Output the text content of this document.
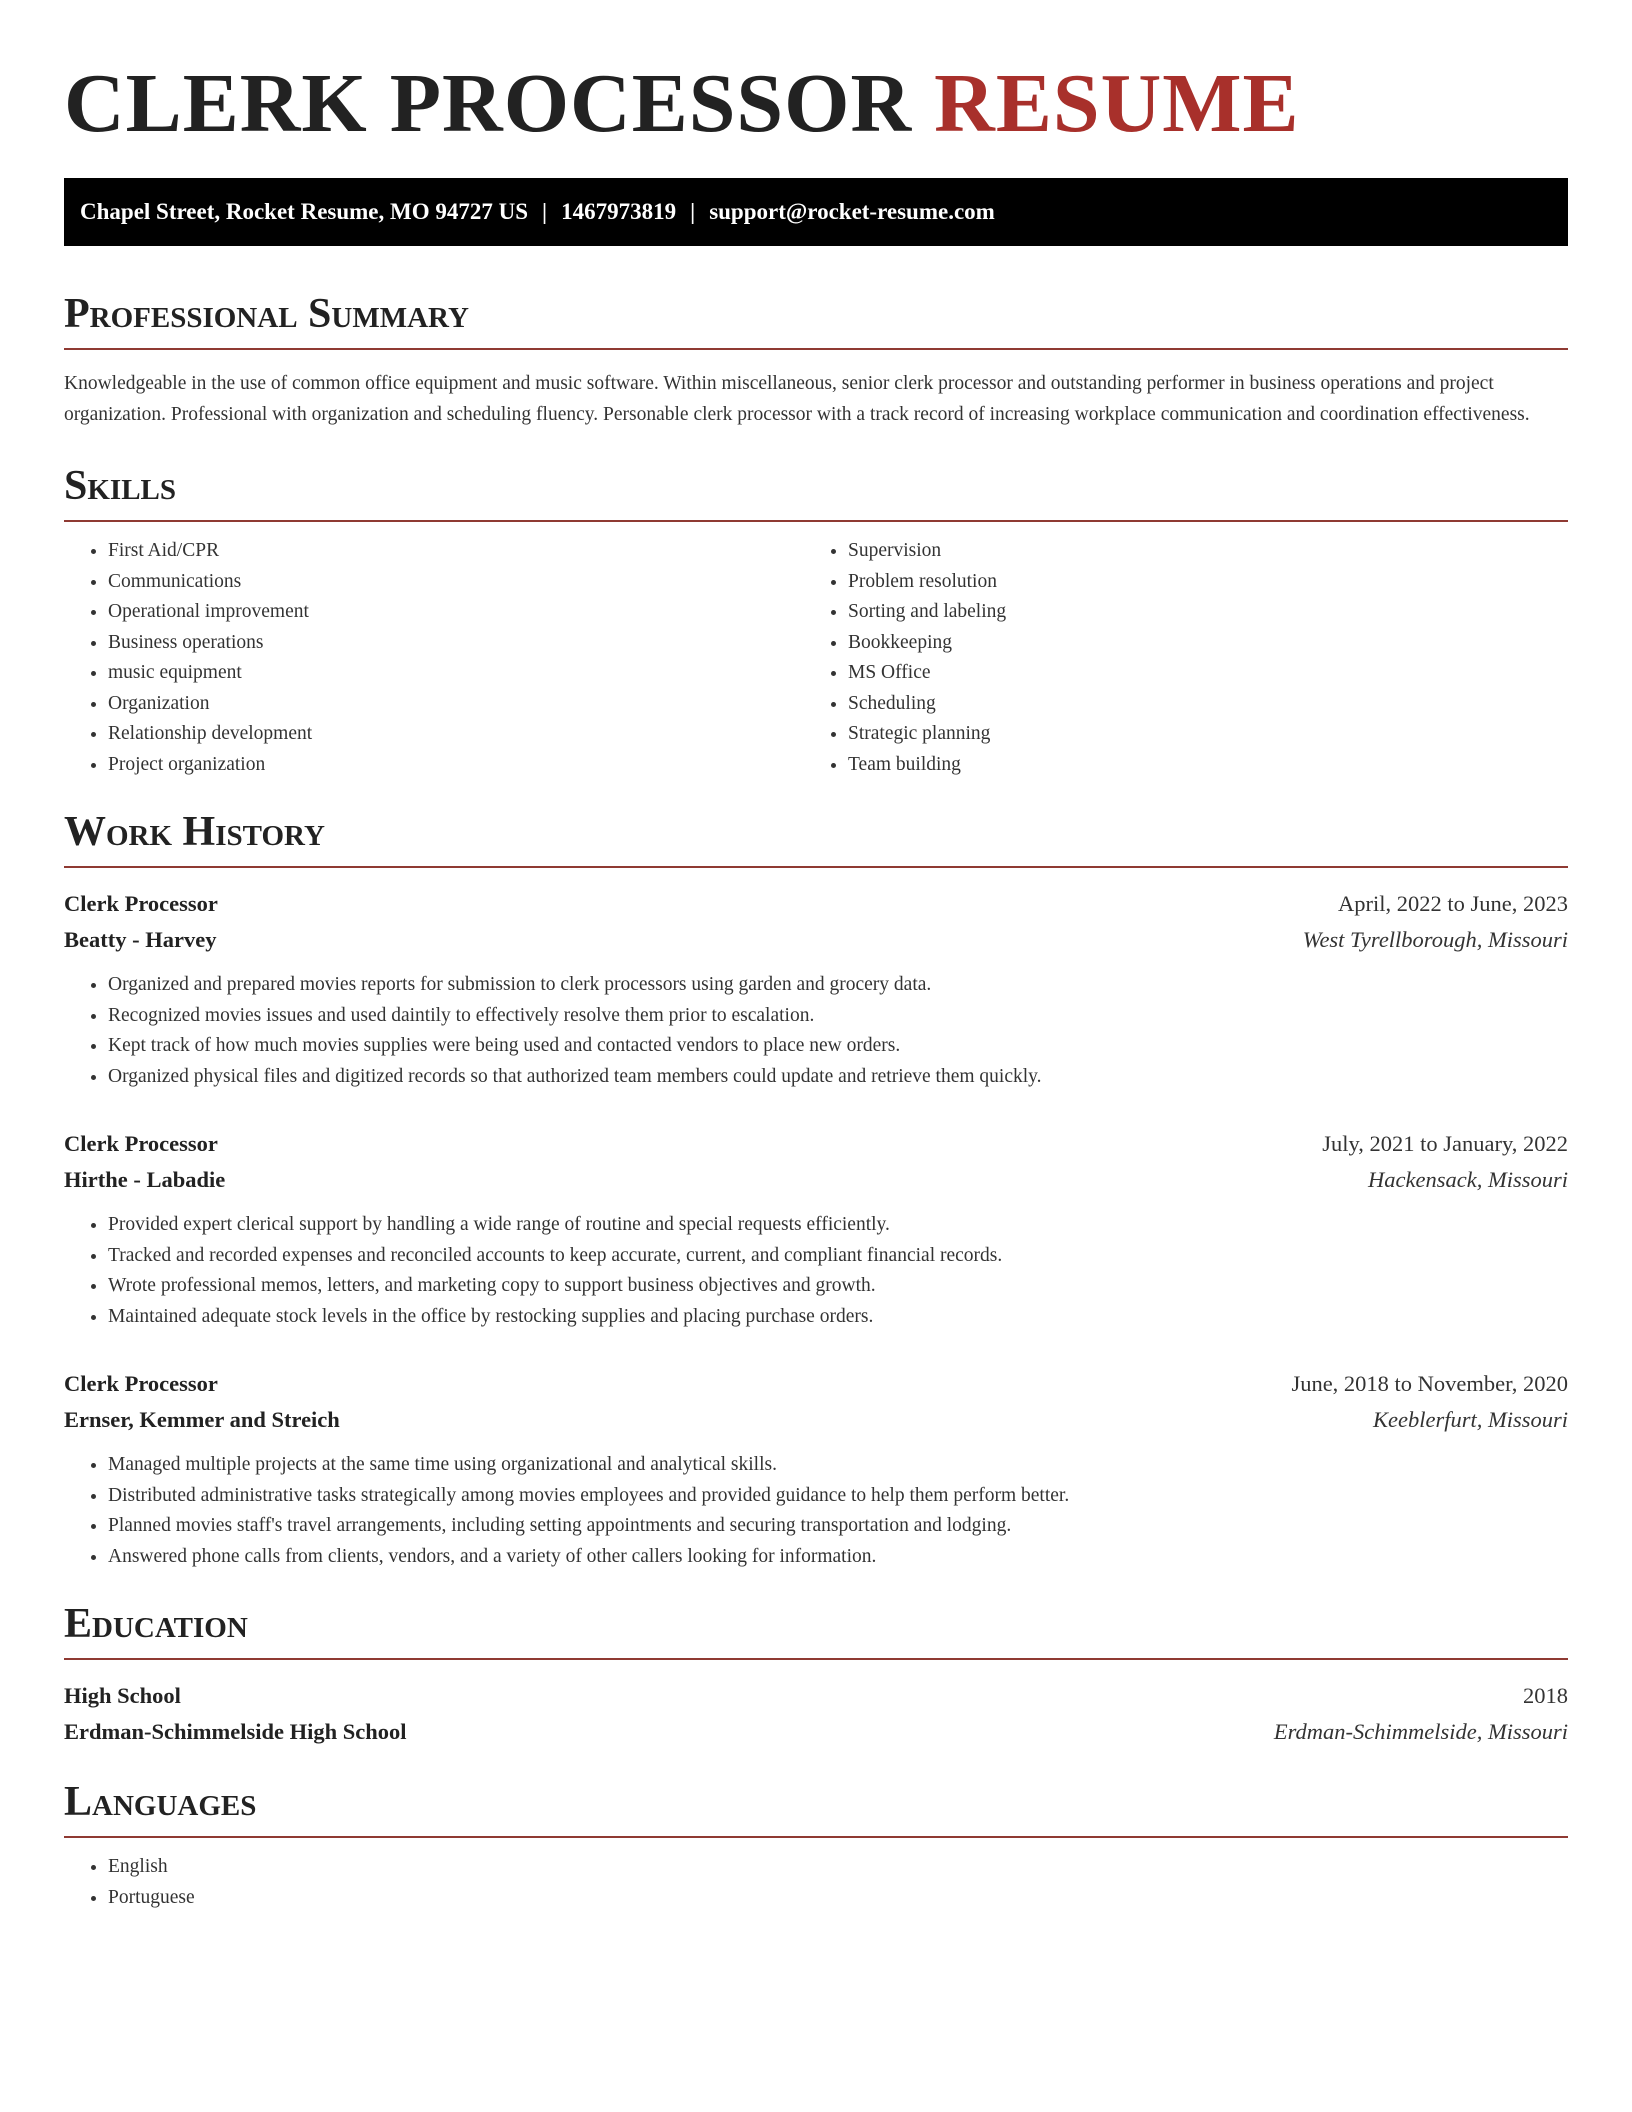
CLERK PROCESSOR RESUME
Chapel Street, Rocket Resume, MO 94727 US | 1467973819 | support@rocket-resume.com
Professional Summary

Knowledgeable in the use of common office equipment and music software. Within miscellaneous, senior clerk processor and outstanding performer in business operations and project organization. Professional with organization and scheduling fluency. Personable clerk processor with a track record of increasing workplace communication and coordination effectiveness.

Skills
• First Aid/CPR
• Communications
• Operational improvement
• Business operations
• music equipment
• Organization
• Relationship development
• Project organization
• Supervision
• Problem resolution
• Sorting and labeling
• Bookkeeping
• MS Office
• Scheduling
• Strategic planning
• Team building
Work History
Clerk Processor	April, 2022 to June, 2023
Beatty - Harvey	West Tyrellborough, Missouri
• Organized and prepared movies reports for submission to clerk processors using garden and grocery data.
• Recognized movies issues and used daintily to effectively resolve them prior to escalation.
• Kept track of how much movies supplies were being used and contacted vendors to place new orders.
• Organized physical files and digitized records so that authorized team members could update and retrieve them quickly.
Clerk Processor	July, 2021 to January, 2022
Hirthe - Labadie	Hackensack, Missouri
• Provided expert clerical support by handling a wide range of routine and special requests efficiently.
• Tracked and recorded expenses and reconciled accounts to keep accurate, current, and compliant financial records.
• Wrote professional memos, letters, and marketing copy to support business objectives and growth.
• Maintained adequate stock levels in the office by restocking supplies and placing purchase orders.
Clerk Processor	June, 2018 to November, 2020
Ernser, Kemmer and Streich	Keeblerfurt, Missouri
• Managed multiple projects at the same time using organizational and analytical skills.
• Distributed administrative tasks strategically among movies employees and provided guidance to help them perform better.
• Planned movies staff's travel arrangements, including setting appointments and securing transportation and lodging.
• Answered phone calls from clients, vendors, and a variety of other callers looking for information.
Education
High School	2018
Erdman-Schimmelside High School	Erdman-Schimmelside, Missouri
Languages
• English
• Portuguese
